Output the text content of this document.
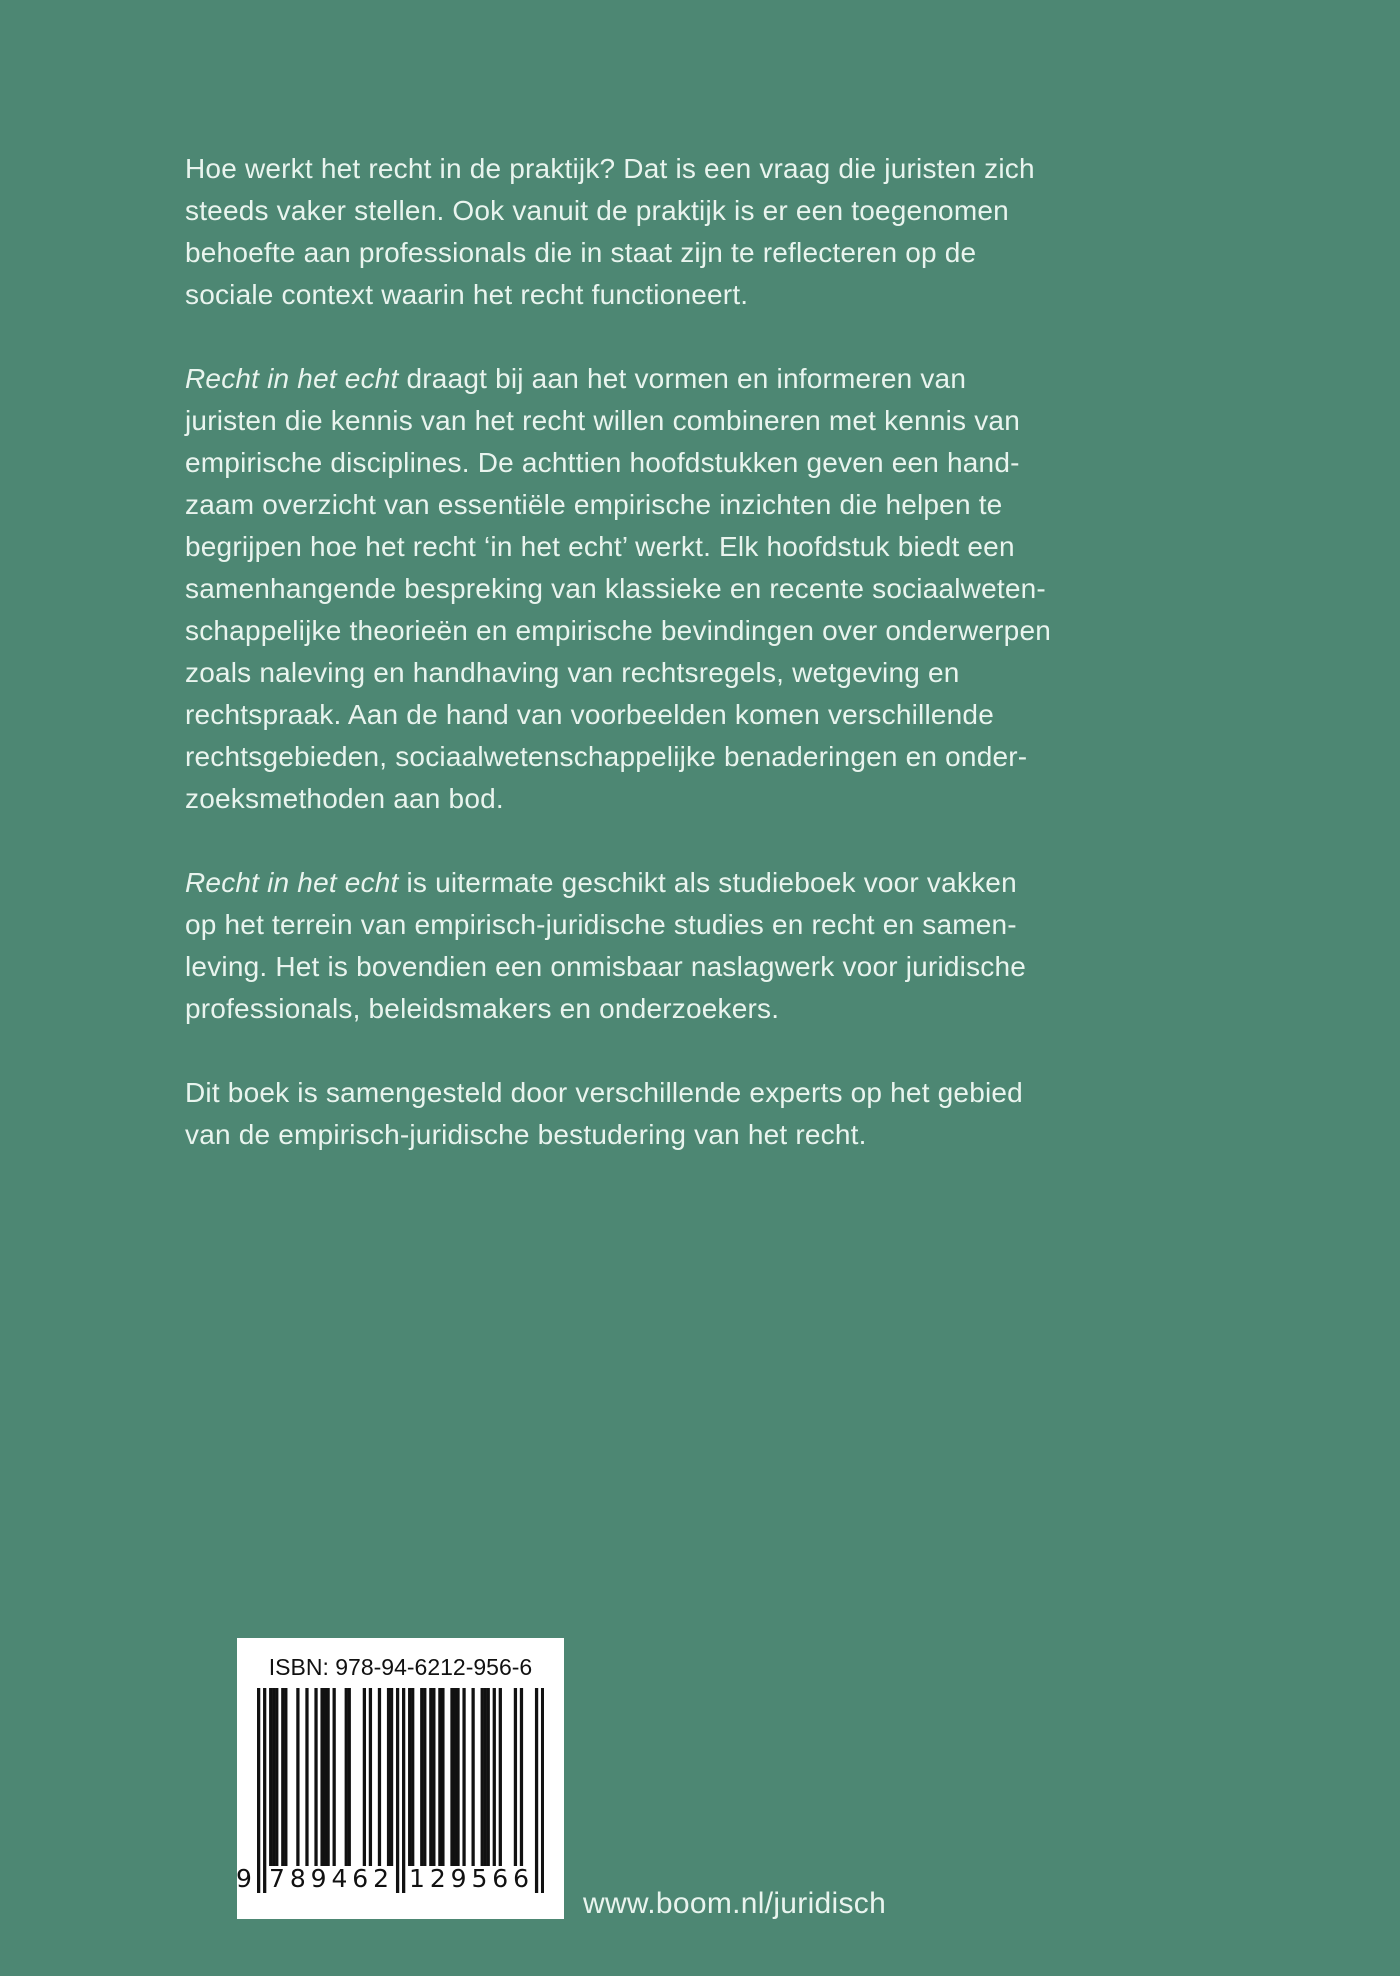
Hoe werkt het recht in de praktijk? Dat is een vraag die juristen zich
steeds vaker stellen. Ook vanuit de praktijk is er een toegenomen
behoefte aan professionals die in staat zijn te reflecteren op de
sociale context waarin het recht functioneert.

Recht in het echt draagt bij aan het vormen en informeren van
juristen die kennis van het recht willen combineren met kennis van
empirische disciplines. De achttien hoofdstukken geven een hand-
zaam overzicht van essentiële empirische inzichten die helpen te
begrijpen hoe het recht ‘in het echt’ werkt. Elk hoofdstuk biedt een
samenhangende bespreking van klassieke en recente sociaalweten-
schappelijke theorieën en empirische bevindingen over onderwerpen
zoals naleving en handhaving van rechtsregels, wetgeving en
rechtspraak. Aan de hand van voorbeelden komen verschillende
rechtsgebieden, sociaalwetenschappelijke benaderingen en onder-
zoeksmethoden aan bod.

Recht in het echt is uitermate geschikt als studieboek voor vakken
op het terrein van empirisch-juridische studies en recht en samen-
leving. Het is bovendien een onmisbaar naslagwerk voor juridische
professionals, beleidsmakers en onderzoekers.

Dit boek is samengesteld door verschillende experts op het gebied
van de empirisch-juridische bestudering van het recht.

ISBN: 978-94-6212-956-6
9 7 8 9 4 6 2 1 2 9 5 6 6
www.boom.nl/juridisch
